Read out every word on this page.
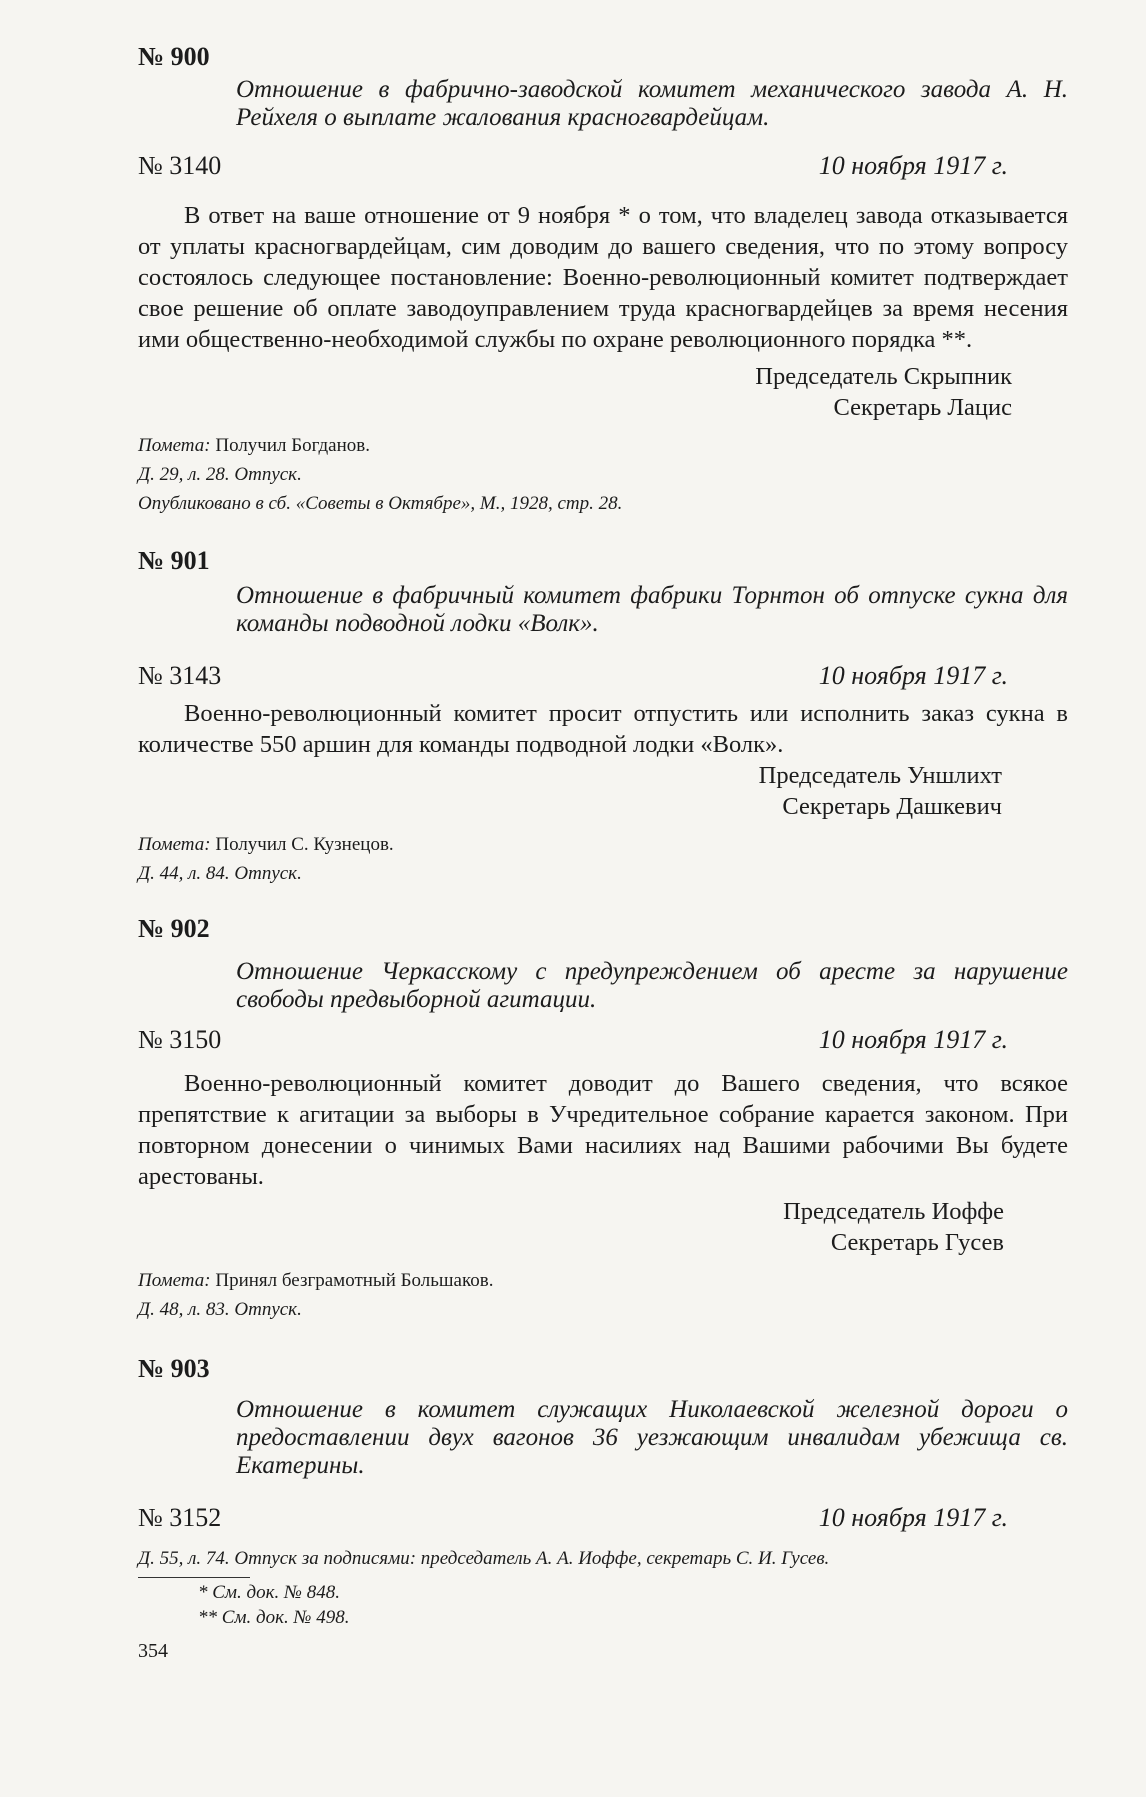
№ 900
Отношение в фабрично-заводской комитет механического завода А. Н. Рейхеля о выплате жалования красногвардейцам.
№ 3140	10 ноября 1917 г.

В ответ на ваше отношение от 9 ноября * о том, что владелец завода отказывается от уплаты красногвардейцам, сим доводим до вашего сведения, что по этому вопросу состоялось следующее постановление: Военно-революционный комитет подтверждает свое решение об оплате заводоуправлением труда красногвардейцев за время несения ими общественно-необходимой службы по охране революционного порядка **.

Председатель Скрыпник
Секретарь Лацис
Помета: Получил Богданов.
Д. 29, л. 28. Отпуск.
Опубликовано в сб. «Советы в Октябре», М., 1928, стр. 28.
№ 901
Отношение в фабричный комитет фабрики Торнтон об отпуске сукна для команды подводной лодки «Волк».
№ 3143	10 ноября 1917 г.

Военно-революционный комитет просит отпустить или исполнить заказ сукна в количестве 550 аршин для команды подводной лодки «Волк».

Председатель Уншлихт
Секретарь Дашкевич
Помета: Получил С. Кузнецов.
Д. 44, л. 84. Отпуск.
№ 902
Отношение Черкасскому с предупреждением об аресте за нарушение свободы предвыборной агитации.
№ 3150	10 ноября 1917 г.

Военно-революционный комитет доводит до Вашего сведения, что всякое препятствие к агитации за выборы в Учредительное собрание карается законом. При повторном донесении о чинимых Вами насилиях над Вашими рабочими Вы будете арестованы.

Председатель Иоффе
Секретарь Гусев
Помета: Принял безграмотный Большаков.
Д. 48, л. 83. Отпуск.
№ 903
Отношение в комитет служащих Николаевской железной дороги о предоставлении двух вагонов 36 уезжающим инвалидам убежища св. Екатерины.
№ 3152	10 ноября 1917 г.
Д. 55, л. 74. Отпуск за подписями: председатель А. А. Иоффе, секретарь С. И. Гусев.
* См. док. № 848.
** См. док. № 498.
354
